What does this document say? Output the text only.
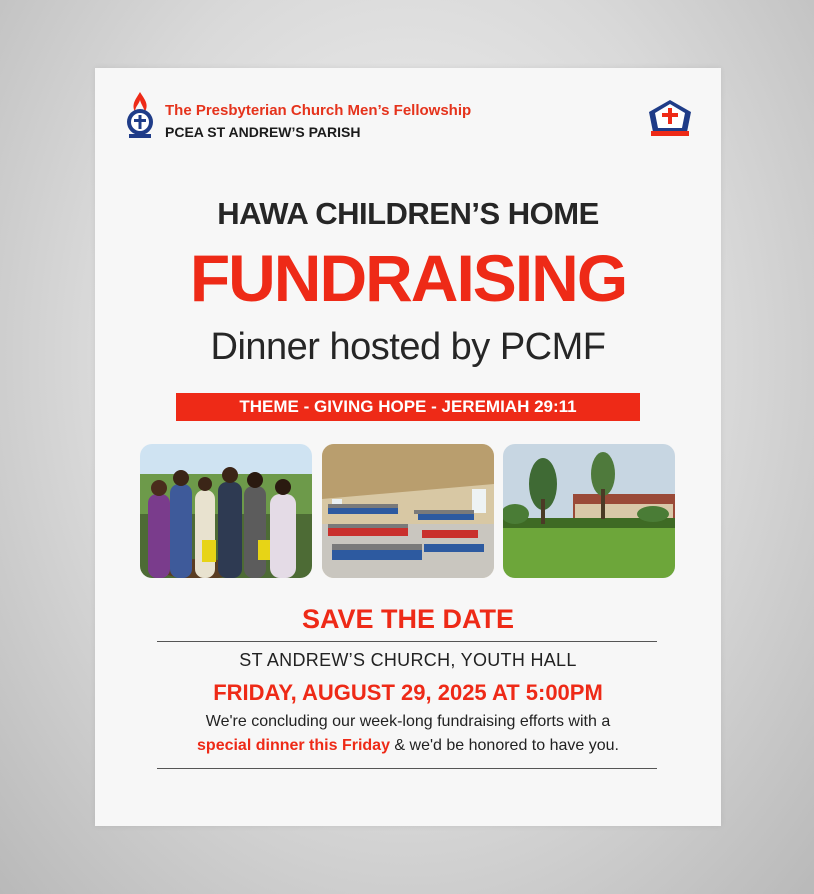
The Presbyterian Church Men’s Fellowship
PCEA ST ANDREW’S PARISH
HAWA CHILDREN’S HOME
FUNDRAISING
Dinner hosted by PCMF
THEME - GIVING HOPE - JEREMIAH 29:11
SAVE THE DATE
ST ANDREW’S CHURCH, YOUTH HALL
FRIDAY, AUGUST 29, 2025 AT 5:00PM
We're concluding our week-long fundraising efforts with a
special dinner this Friday & we'd be honored to have you.
